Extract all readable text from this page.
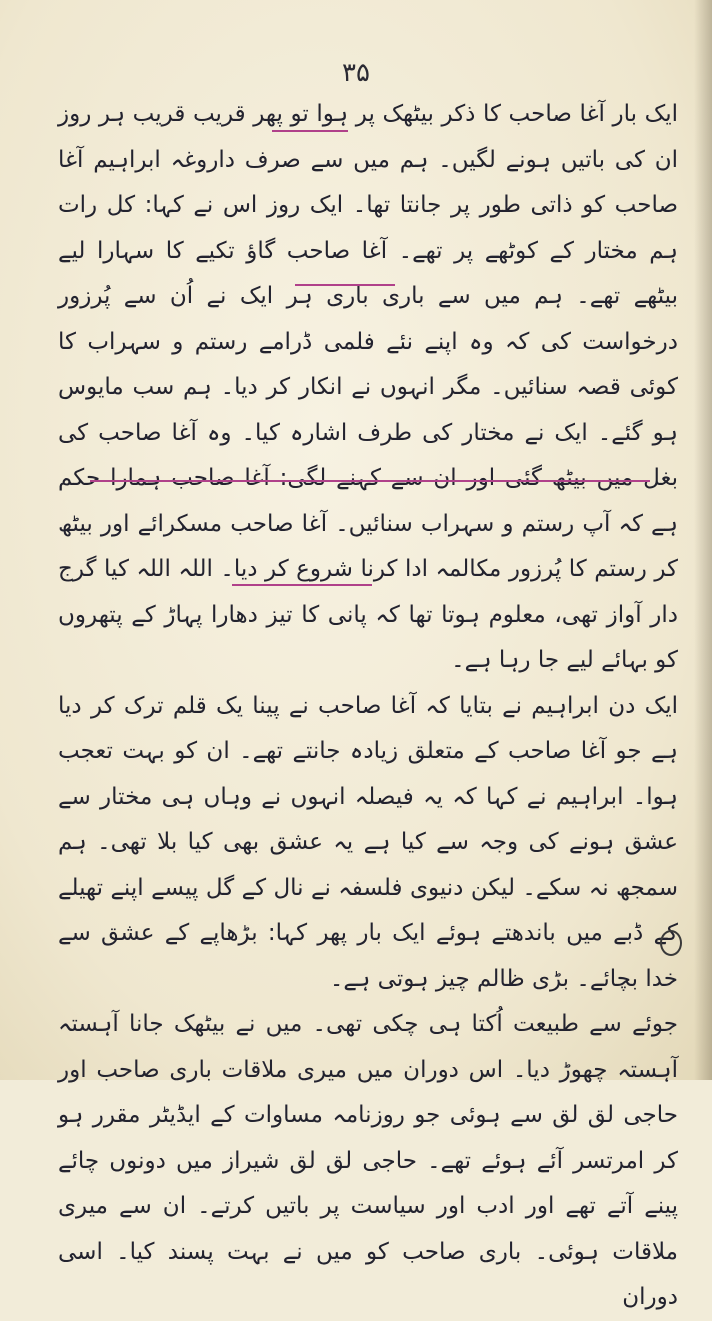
۳۵

ایک بار آغا صاحب کا ذکر بیٹھک پر ہوا تو پھر قریب قریب ہر روز ان کی باتیں ہونے لگیں۔ ہم میں سے صرف داروغہ ابراہیم آغا صاحب کو ذاتی طور پر جانتا تھا۔ ایک روز اس نے کہا: کل رات ہم مختار کے کوٹھے پر تھے۔ آغا صاحب گاؤ تکیے کا سہارا لیے بیٹھے تھے۔ ہم میں سے باری باری ہر ایک نے اُن سے پُرزور درخواست کی کہ وہ اپنے نئے فلمی ڈرامے رستم و سہراب کا کوئی قصہ سنائیں۔ مگر انہوں نے انکار کر دیا۔ ہم سب مایوس ہو گئے۔ ایک نے مختار کی طرف اشارہ کیا۔ وہ آغا صاحب کی بغل میں بیٹھ گئی اور ان سے کہنے لگی: آغا صاحب ہمارا حکم ہے کہ آپ رستم و سہراب سنائیں۔ آغا صاحب مسکرائے اور بیٹھ کر رستم کا پُرزور مکالمہ ادا کرنا شروع کر دیا۔ اللہ اللہ کیا گرج دار آواز تھی، معلوم ہوتا تھا کہ پانی کا تیز دھارا پہاڑ کے پتھروں کو بہائے لیے جا رہا ہے۔

ایک دن ابراہیم نے بتایا کہ آغا صاحب نے پینا یک قلم ترک کر دیا ہے جو آغا صاحب کے متعلق زیادہ جانتے تھے۔ ان کو بہت تعجب ہوا۔ ابراہیم نے کہا کہ یہ فیصلہ انہوں نے وہاں ہی مختار سے عشق ہونے کی وجہ سے کیا ہے یہ عشق بھی کیا بلا تھی۔ ہم سمجھ نہ سکے۔ لیکن دنیوی فلسفہ نے نال کے گل پیسے اپنے تھیلے کے ڈبے میں باندھتے ہوئے ایک بار پھر کہا: بڑھاپے کے عشق سے خدا بچائے۔ بڑی ظالم چیز ہوتی ہے۔

جوئے سے طبیعت اُکتا ہی چکی تھی۔ میں نے بیٹھک جانا آہستہ آہستہ چھوڑ دیا۔ اس دوران میں میری ملاقات باری صاحب اور حاجی لق لق سے ہوئی جو روزنامہ مساوات کے ایڈیٹر مقرر ہو کر امرتسر آئے ہوئے تھے۔ حاجی لق لق شیراز میں دونوں چائے پینے آتے تھے اور ادب اور سیاست پر باتیں کرتے۔ ان سے میری ملاقات ہوئی۔ باری صاحب کو میں نے بہت پسند کیا۔ اسی دوران
